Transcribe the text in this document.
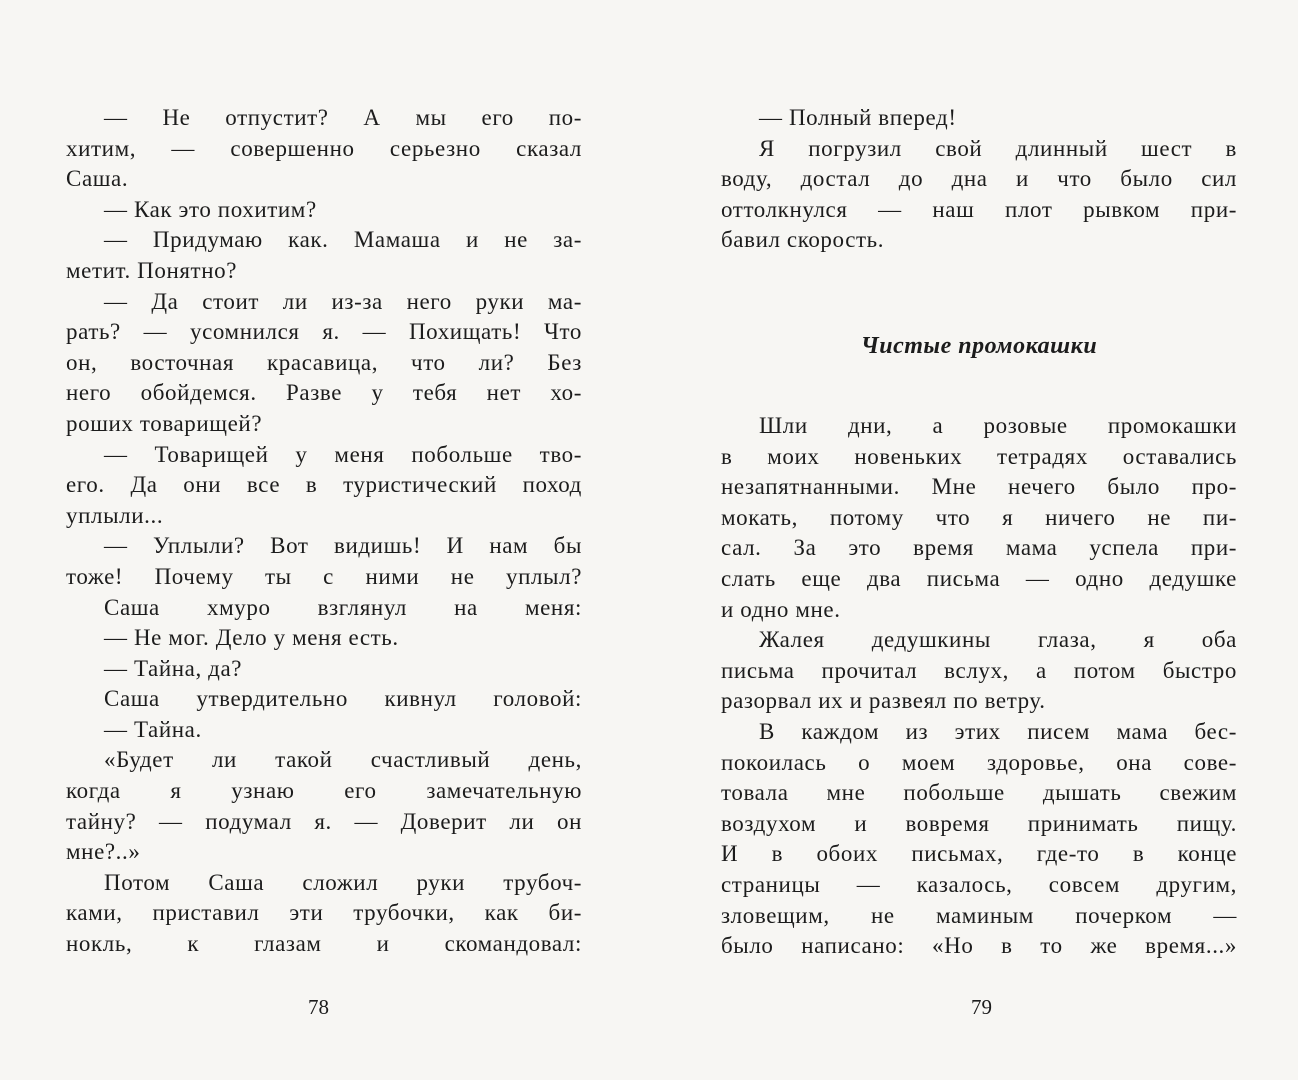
— Не отпустит? А мы его по-
хитим, — совершенно серьезно сказал
Саша.
— Как это похитим?
— Придумаю как. Мамаша и не за-
метит. Понятно?
— Да стоит ли из-за него руки ма-
рать? — усомнился я. — Похищать! Что
он, восточная красавица, что ли? Без
него обойдемся. Разве у тебя нет хо-
роших товарищей?
— Товарищей у меня побольше тво-
его. Да они все в туристический поход
уплыли...
— Уплыли? Вот видишь! И нам бы
тоже! Почему ты с ними не уплыл?
Саша хмуро взглянул на меня:
— Не мог. Дело у меня есть.
— Тайна, да?
Саша утвердительно кивнул головой:
— Тайна.
«Будет ли такой счастливый день,
когда я узнаю его замечательную
тайну? — подумал я. — Доверит ли он
мне?..»
Потом Саша сложил руки трубоч-
ками, приставил эти трубочки, как би-
нокль, к глазам и скомандовал:
78
— Полный вперед!
Я погрузил свой длинный шест в
воду, достал до дна и что было сил
оттолкнулся — наш плот рывком при-
бавил скорость.
Чистые промокашки
Шли дни, а розовые промокашки
в моих новеньких тетрадях оставались
незапятнанными. Мне нечего было про-
мокать, потому что я ничего не пи-
сал. За это время мама успела при-
слать еще два письма — одно дедушке
и одно мне.
Жалея дедушкины глаза, я оба
письма прочитал вслух, а потом быстро
разорвал их и развеял по ветру.
В каждом из этих писем мама бес-
покоилась о моем здоровье, она сове-
товала мне побольше дышать свежим
воздухом и вовремя принимать пищу.
И в обоих письмах, где-то в конце
страницы — казалось, совсем другим,
зловещим, не маминым почерком —
было написано: «Но в то же время...»
79
